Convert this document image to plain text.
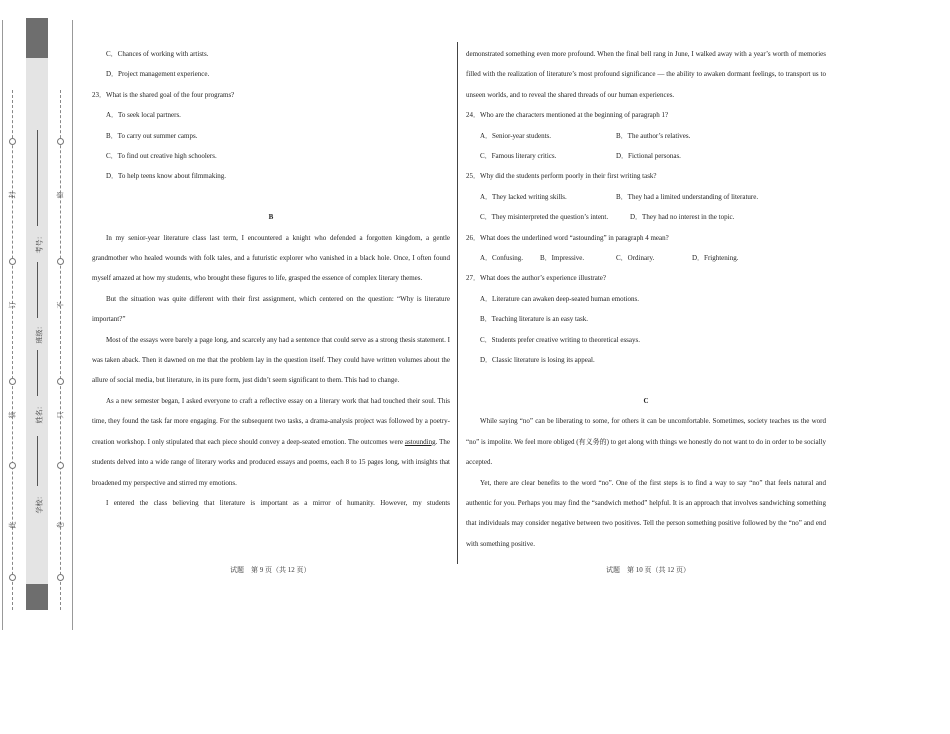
封
订
装
此
密
不
只
卷
考号：
班级：
姓名：
学校：

C．Chances of working with artists.

D．Project management experience.

23．What is the shared goal of the four programs?

A．To seek local partners.

B．To carry out summer camps.

C．To find out creative high schoolers.

D．To help teens know about filmmaking.

B

In my senior-year literature class last term, I encountered a knight who defended a forgotten kingdom, a gentle grandmother who healed wounds with folk tales, and a futuristic explorer who vanished in a black hole. Once, I often found myself amazed at how my students, who brought these figures to life, grasped the essence of complex literary themes.

But the situation was quite different with their first assignment, which centered on the question: “Why is literature important?”

Most of the essays were barely a page long, and scarcely any had a sentence that could serve as a strong thesis statement. I was taken aback. Then it dawned on me that the problem lay in the question itself. They could have written volumes about the allure of social media, but literature, in its pure form, just didn’t seem significant to them. This had to change.

As a new semester began, I asked everyone to craft a reflective essay on a literary work that had touched their soul. This time, they found the task far more engaging. For the subsequent two tasks, a drama-analysis project was followed by a poetry-creation workshop. I only stipulated that each piece should convey a deep-seated emotion. The outcomes were astounding. The students delved into a wide range of literary works and produced essays and poems, each 8 to 15 pages long, with insights that broadened my perspective and stirred my emotions.

I entered the class believing that literature is important as a mirror of humanity. However, my students

demonstrated something even more profound. When the final bell rang in June, I walked away with a year’s worth of memories filled with the realization of literature’s most profound significance — the ability to awaken dormant feelings, to transport us to unseen worlds, and to reveal the shared threads of our human experiences.

24．Who are the characters mentioned at the beginning of paragraph 1?

A．Senior-year students.	B．The author’s relatives.

C．Famous literary critics.	D．Fictional personas.

25．Why did the students perform poorly in their first writing task?

A．They lacked writing skills.	B．They had a limited understanding of literature.

C．They misinterpreted the question’s intent.	D．They had no interest in the topic.

26．What does the underlined word “astounding” in paragraph 4 mean?

A．Confusing.	B．Impressive.	C．Ordinary.	D．Frightening.

27．What does the author’s experience illustrate?

A．Literature can awaken deep-seated human emotions.

B．Teaching literature is an easy task.

C．Students prefer creative writing to theoretical essays.

D．Classic literature is losing its appeal.

C

While saying “no” can be liberating to some, for others it can be uncomfortable. Sometimes, society teaches us the word “no” is impolite. We feel more obliged (有义务的) to get along with things we honestly do not want to do in order to be socially accepted.

Yet, there are clear benefits to the word “no”. One of the first steps is to find a way to say “no” that feels natural and authentic for you. Perhaps you may find the “sandwich method” helpful. It is an approach that involves sandwiching something that individuals may consider negative between two positives. Tell the person something positive followed by the “no” and end with something positive.

试题　第 9 页（共 12 页）	试题　第 10 页（共 12 页）
